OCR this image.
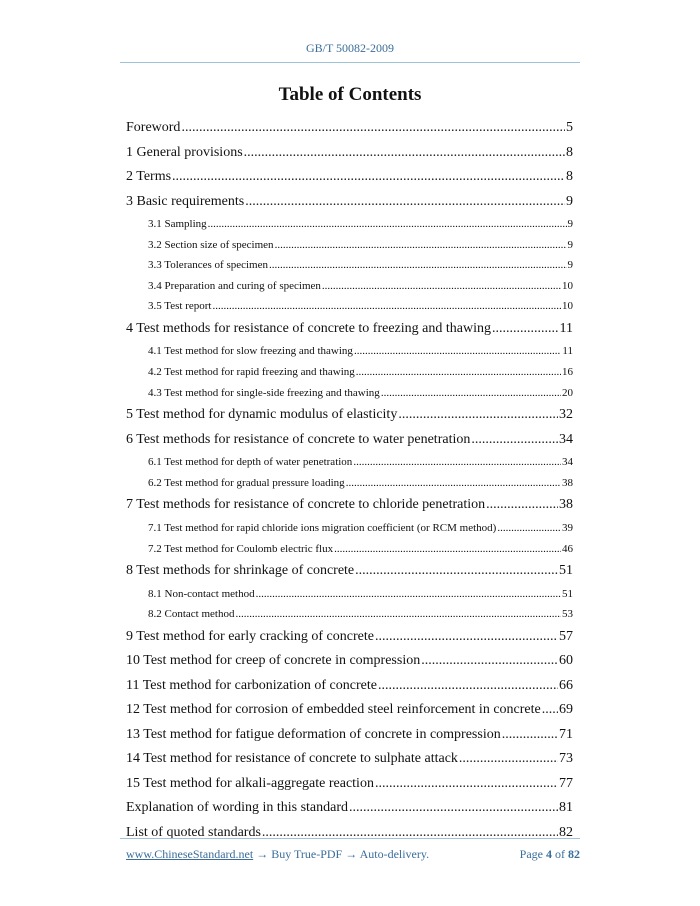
GB/T 50082-2009
Table of Contents
Foreword .....	5
1 General provisions .....	8
2 Terms .....	8
3 Basic requirements .....	9
3.1 Sampling .....	9
3.2 Section size of specimen .....	9
3.3 Tolerances of specimen .....	9
3.4 Preparation and curing of specimen .....	10
3.5 Test report .....	10
4 Test methods for resistance of concrete to freezing and thawing .....	11
4.1 Test method for slow freezing and thawing .....	11
4.2 Test method for rapid freezing and thawing .....	16
4.3 Test method for single-side freezing and thawing .....	20
5 Test method for dynamic modulus of elasticity .....	32
6 Test methods for resistance of concrete to water penetration .....	34
6.1 Test method for depth of water penetration .....	34
6.2 Test method for gradual pressure loading .....	38
7 Test methods for resistance of concrete to chloride penetration .....	38
7.1 Test method for rapid chloride ions migration coefficient (or RCM method) .....	39
7.2 Test method for Coulomb electric flux .....	46
8 Test methods for shrinkage of concrete .....	51
8.1 Non-contact method .....	51
8.2 Contact method .....	53
9 Test method for early cracking of concrete .....	57
10 Test method for creep of concrete in compression .....	60
11 Test method for carbonization of concrete .....	66
12 Test method for corrosion of embedded steel reinforcement in concrete ..... 69
13 Test method for fatigue deformation of concrete in compression .....	71
14 Test method for resistance of concrete to sulphate attack .....	73
15 Test method for alkali-aggregate reaction .....	77
Explanation of wording in this standard .....	81
List of quoted standards .....	82
www.ChineseStandard.net → Buy True-PDF → Auto-delivery.	Page 4 of 82
